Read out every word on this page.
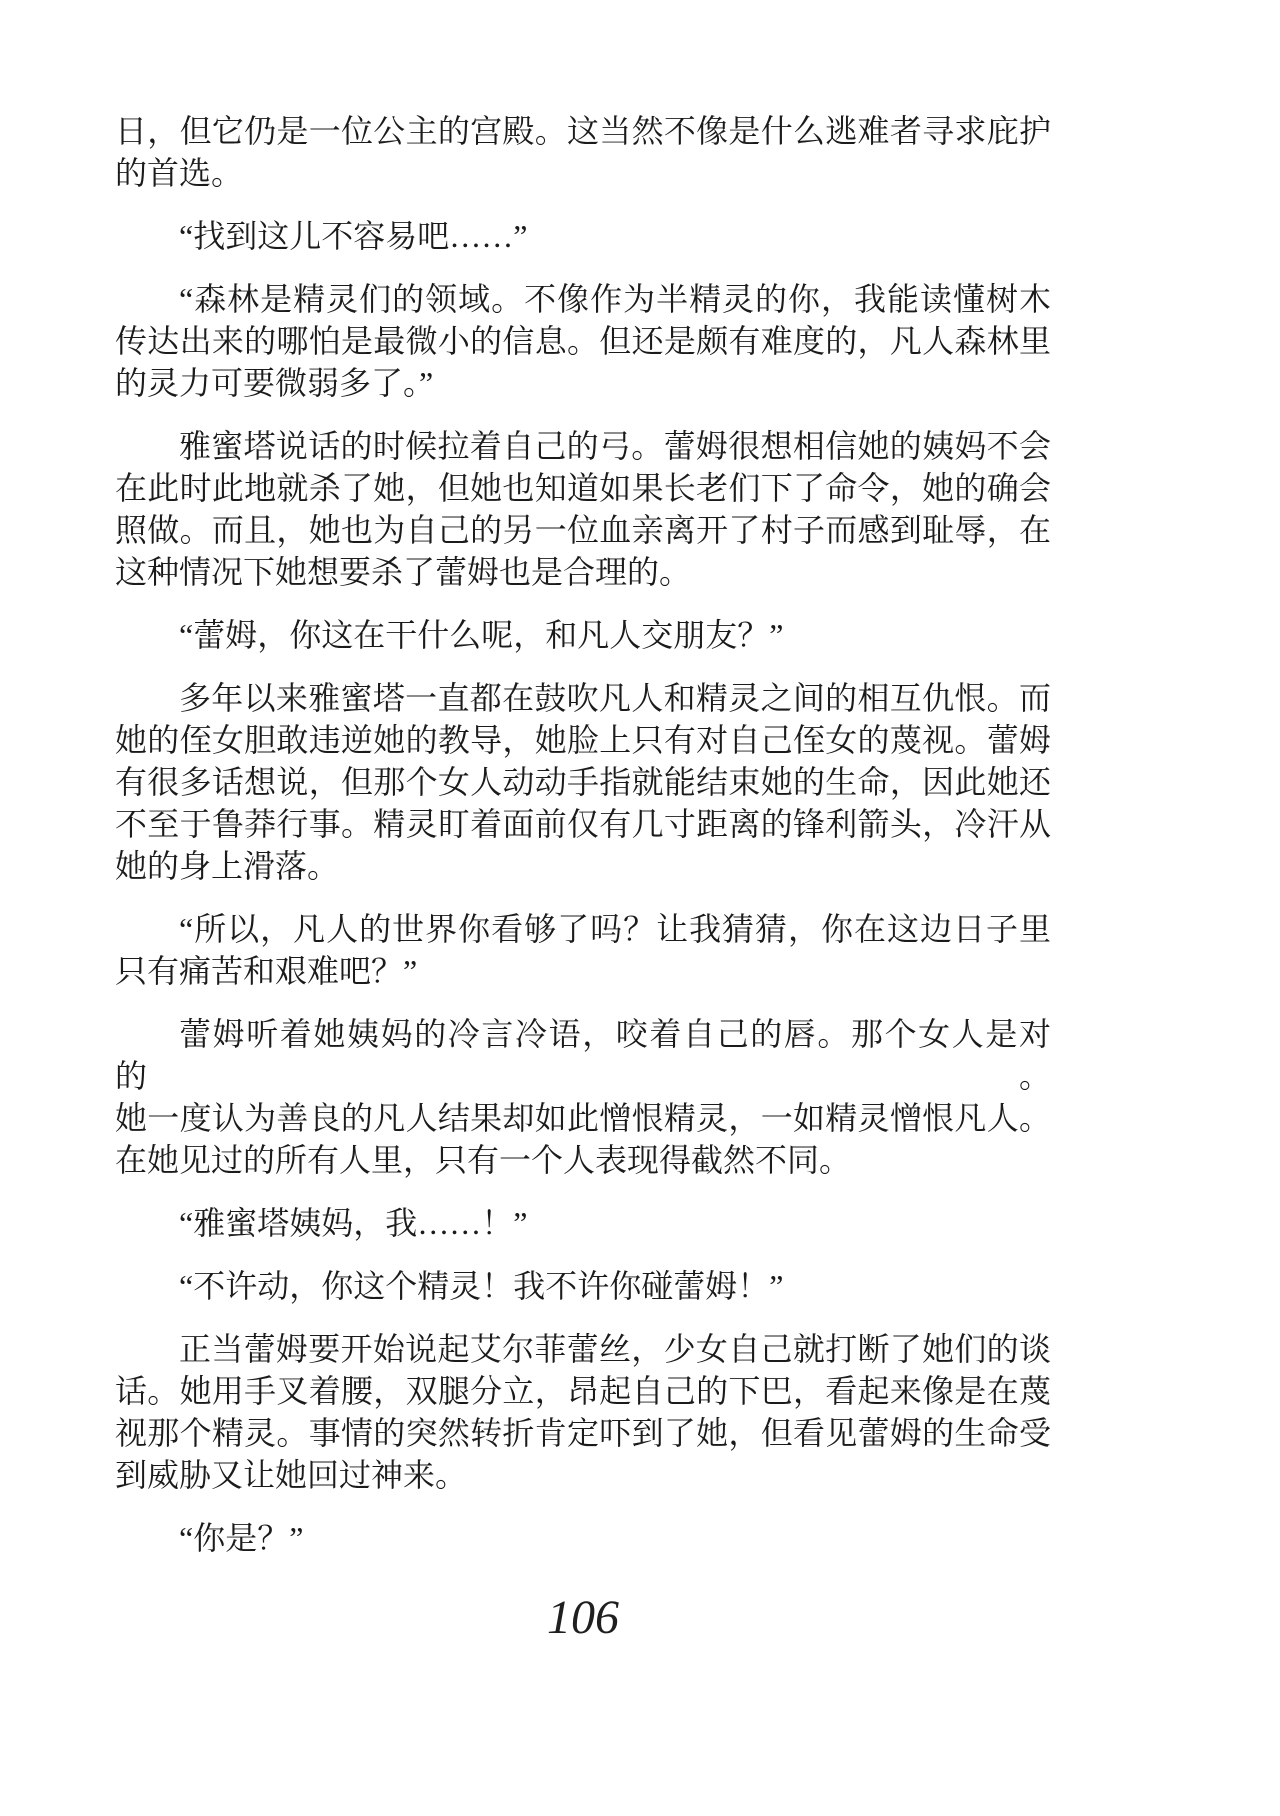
日，但它仍是一位公主的宫殿。这当然不像是什么逃难者寻求庇护
的首选。

“找到这儿不容易吧……”

“森林是精灵们的领域。不像作为半精灵的你，我能读懂树木
传达出来的哪怕是最微小的信息。但还是颇有难度的，凡人森林里
的灵力可要微弱多了。”

雅蜜塔说话的时候拉着自己的弓。蕾姆很想相信她的姨妈不会
在此时此地就杀了她，但她也知道如果长老们下了命令，她的确会
照做。而且，她也为自己的另一位血亲离开了村子而感到耻辱，在
这种情况下她想要杀了蕾姆也是合理的。

“蕾姆，你这在干什么呢，和凡人交朋友？”

多年以来雅蜜塔一直都在鼓吹凡人和精灵之间的相互仇恨。而
她的侄女胆敢违逆她的教导，她脸上只有对自己侄女的蔑视。蕾姆
有很多话想说，但那个女人动动手指就能结束她的生命，因此她还
不至于鲁莽行事。精灵盯着面前仅有几寸距离的锋利箭头，冷汗从
她的身上滑落。

“所以，凡人的世界你看够了吗？让我猜猜，你在这边日子里
只有痛苦和艰难吧？”

蕾姆听着她姨妈的冷言冷语，咬着自己的唇。那个女人是对的。
她一度认为善良的凡人结果却如此憎恨精灵，一如精灵憎恨凡人。
在她见过的所有人里，只有一个人表现得截然不同。

“雅蜜塔姨妈，我……！”

“不许动，你这个精灵！我不许你碰蕾姆！”

正当蕾姆要开始说起艾尔菲蕾丝，少女自己就打断了她们的谈
话。她用手叉着腰，双腿分立，昂起自己的下巴，看起来像是在蔑
视那个精灵。事情的突然转折肯定吓到了她，但看见蕾姆的生命受
到威胁又让她回过神来。

“你是？”

106
